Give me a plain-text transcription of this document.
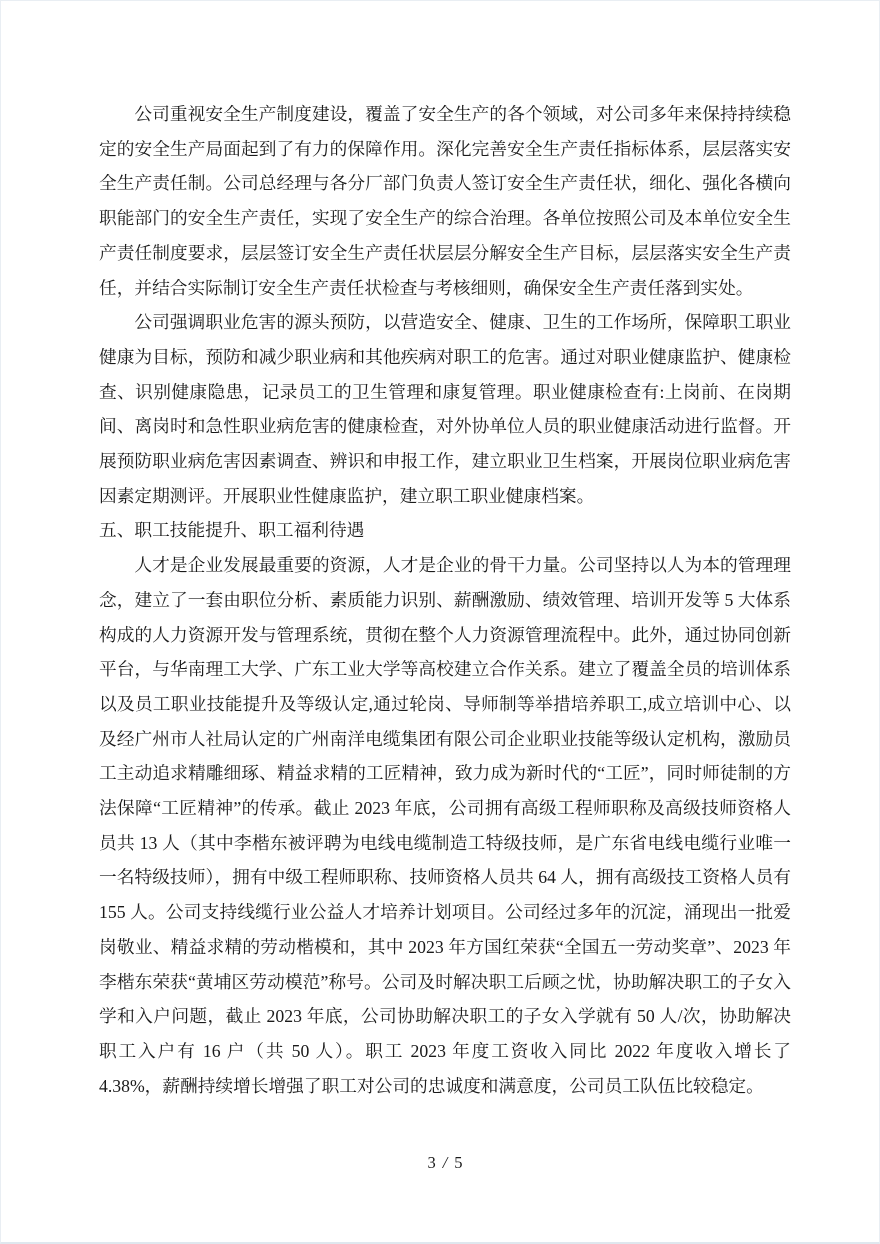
公司重视安全生产制度建设，覆盖了安全生产的各个领域，对公司多年来保持持续稳定的安全生产局面起到了有力的保障作用。深化完善安全生产责任指标体系，层层落实安全生产责任制。公司总经理与各分厂部门负责人签订安全生产责任状，细化、强化各横向职能部门的安全生产责任，实现了安全生产的综合治理。各单位按照公司及本单位安全生产责任制度要求，层层签订安全生产责任状层层分解安全生产目标，层层落实安全生产责任，并结合实际制订安全生产责任状检查与考核细则，确保安全生产责任落到实处。

公司强调职业危害的源头预防，以营造安全、健康、卫生的工作场所，保障职工职业健康为目标，预防和减少职业病和其他疾病对职工的危害。通过对职业健康监护、健康检查、识别健康隐患，记录员工的卫生管理和康复管理。职业健康检查有:上岗前、在岗期间、离岗时和急性职业病危害的健康检查，对外协单位人员的职业健康活动进行监督。开展预防职业病危害因素调查、辨识和申报工作，建立职业卫生档案，开展岗位职业病危害因素定期测评。开展职业性健康监护，建立职工职业健康档案。

五、职工技能提升、职工福利待遇

人才是企业发展最重要的资源，人才是企业的骨干力量。公司坚持以人为本的管理理念，建立了一套由职位分析、素质能力识别、薪酬激励、绩效管理、培训开发等 5 大体系构成的人力资源开发与管理系统，贯彻在整个人力资源管理流程中。此外，通过协同创新平台，与华南理工大学、广东工业大学等高校建立合作关系。建立了覆盖全员的培训体系以及员工职业技能提升及等级认定,通过轮岗、导师制等举措培养职工,成立培训中心、以及经广州市人社局认定的广州南洋电缆集团有限公司企业职业技能等级认定机构，激励员工主动追求精雕细琢、精益求精的工匠精神，致力成为新时代的“工匠”，同时师徒制的方法保障“工匠精神”的传承。截止 2023 年底，公司拥有高级工程师职称及高级技师资格人员共 13 人（其中李楷东被评聘为电线电缆制造工特级技师，是广东省电线电缆行业唯一一名特级技师），拥有中级工程师职称、技师资格人员共 64 人，拥有高级技工资格人员有 155 人。公司支持线缆行业公益人才培养计划项目。公司经过多年的沉淀，涌现出一批爱岗敬业、精益求精的劳动楷模和，其中 2023 年方国红荣获“全国五一劳动奖章”、2023 年李楷东荣获“黄埔区劳动模范”称号。公司及时解决职工后顾之忧，协助解决职工的子女入学和入户问题，截止 2023 年底，公司协助解决职工的子女入学就有 50 人/次，协助解决职工入户有 16 户（共 50 人）。职工 2023 年度工资收入同比 2022 年度收入增长了 4.38%，薪酬持续增长增强了职工对公司的忠诚度和满意度，公司员工队伍比较稳定。

3 / 5
